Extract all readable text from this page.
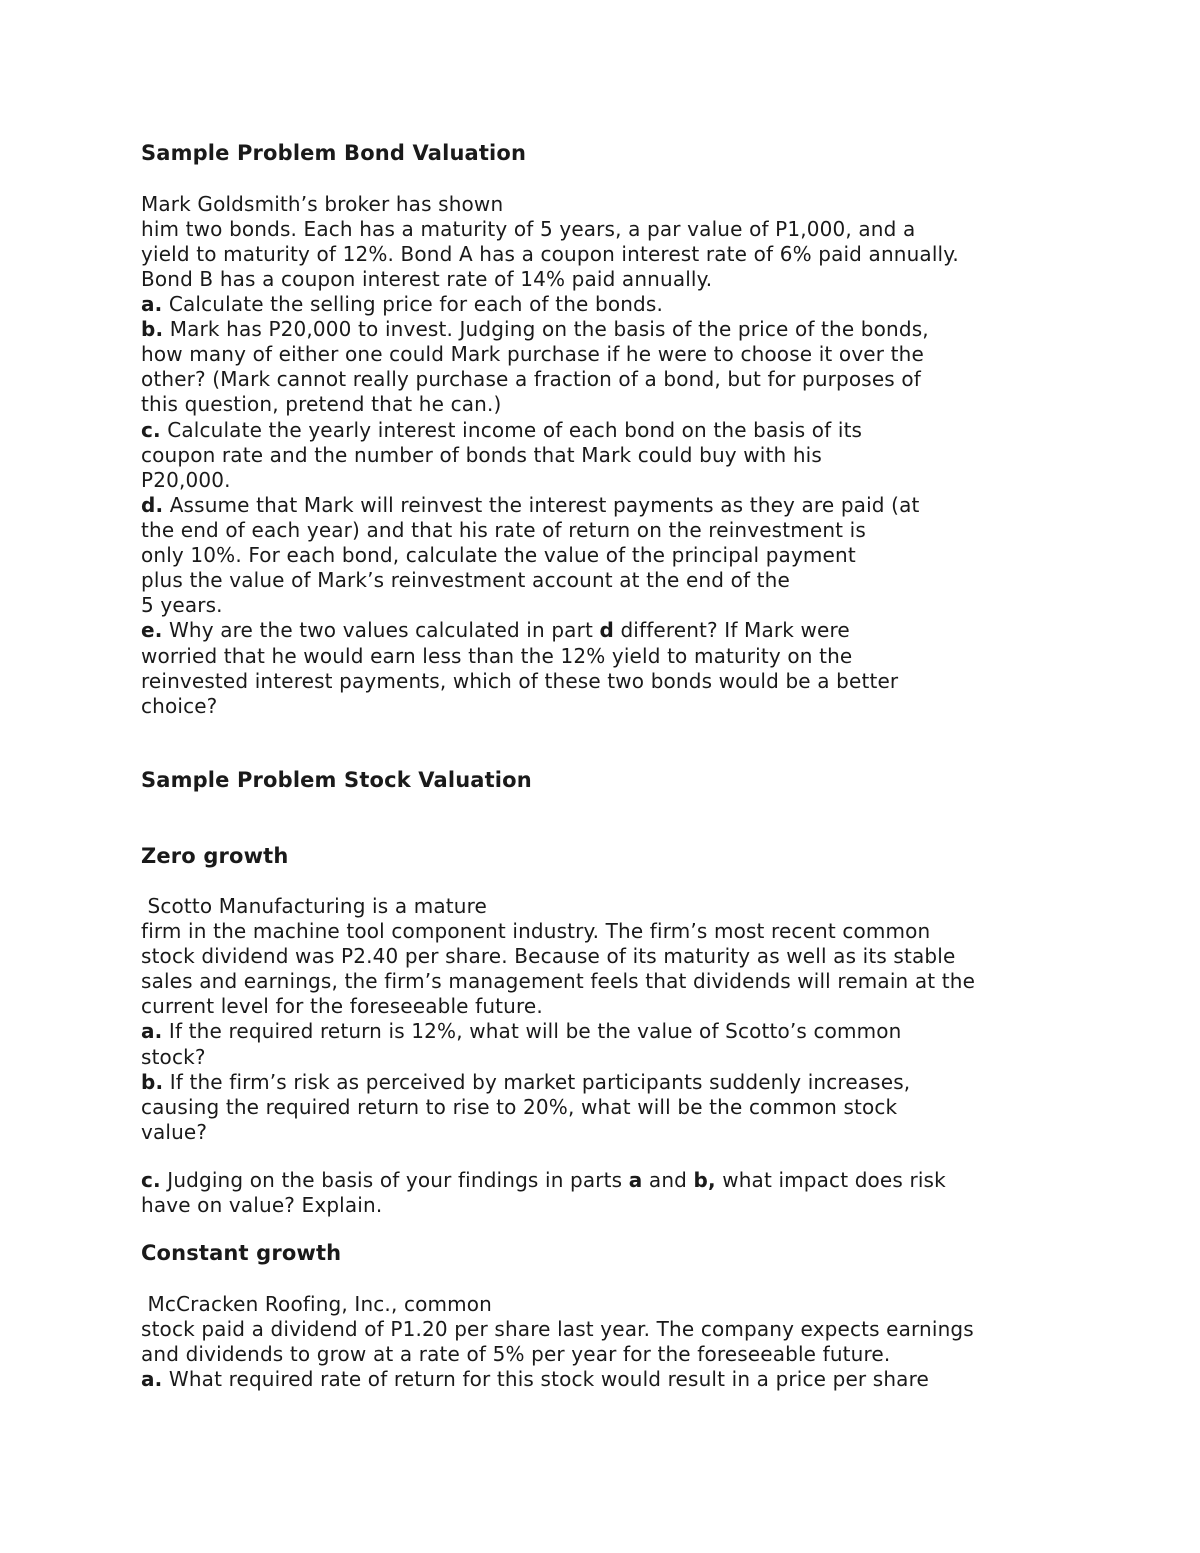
Sample Problem Bond Valuation
Mark Goldsmith’s broker has shown
him two bonds. Each has a maturity of 5 years, a par value of P1,000, and a
yield to maturity of 12%. Bond A has a coupon interest rate of 6% paid annually.
Bond B has a coupon interest rate of 14% paid annually.
a. Calculate the selling price for each of the bonds.
b. Mark has P20,000 to invest. Judging on the basis of the price of the bonds,
how many of either one could Mark purchase if he were to choose it over the
other? (Mark cannot really purchase a fraction of a bond, but for purposes of
this question, pretend that he can.)
c. Calculate the yearly interest income of each bond on the basis of its
coupon rate and the number of bonds that Mark could buy with his
P20,000.
d. Assume that Mark will reinvest the interest payments as they are paid (at
the end of each year) and that his rate of return on the reinvestment is
only 10%. For each bond, calculate the value of the principal payment
plus the value of Mark’s reinvestment account at the end of the
5 years.
e. Why are the two values calculated in part d different? If Mark were
worried that he would earn less than the 12% yield to maturity on the
reinvested interest payments, which of these two bonds would be a better
choice?
Sample Problem Stock Valuation
Zero growth
Scotto Manufacturing is a mature
firm in the machine tool component industry. The firm’s most recent common
stock dividend was P2.40 per share. Because of its maturity as well as its stable
sales and earnings, the firm’s management feels that dividends will remain at the
current level for the foreseeable future.
a. If the required return is 12%, what will be the value of Scotto’s common
stock?
b. If the firm’s risk as perceived by market participants suddenly increases,
causing the required return to rise to 20%, what will be the common stock
value?
c. Judging on the basis of your findings in parts a and b, what impact does risk
have on value? Explain.
Constant growth
McCracken Roofing, Inc., common
stock paid a dividend of P1.20 per share last year. The company expects earnings
and dividends to grow at a rate of 5% per year for the foreseeable future.
a. What required rate of return for this stock would result in a price per share
